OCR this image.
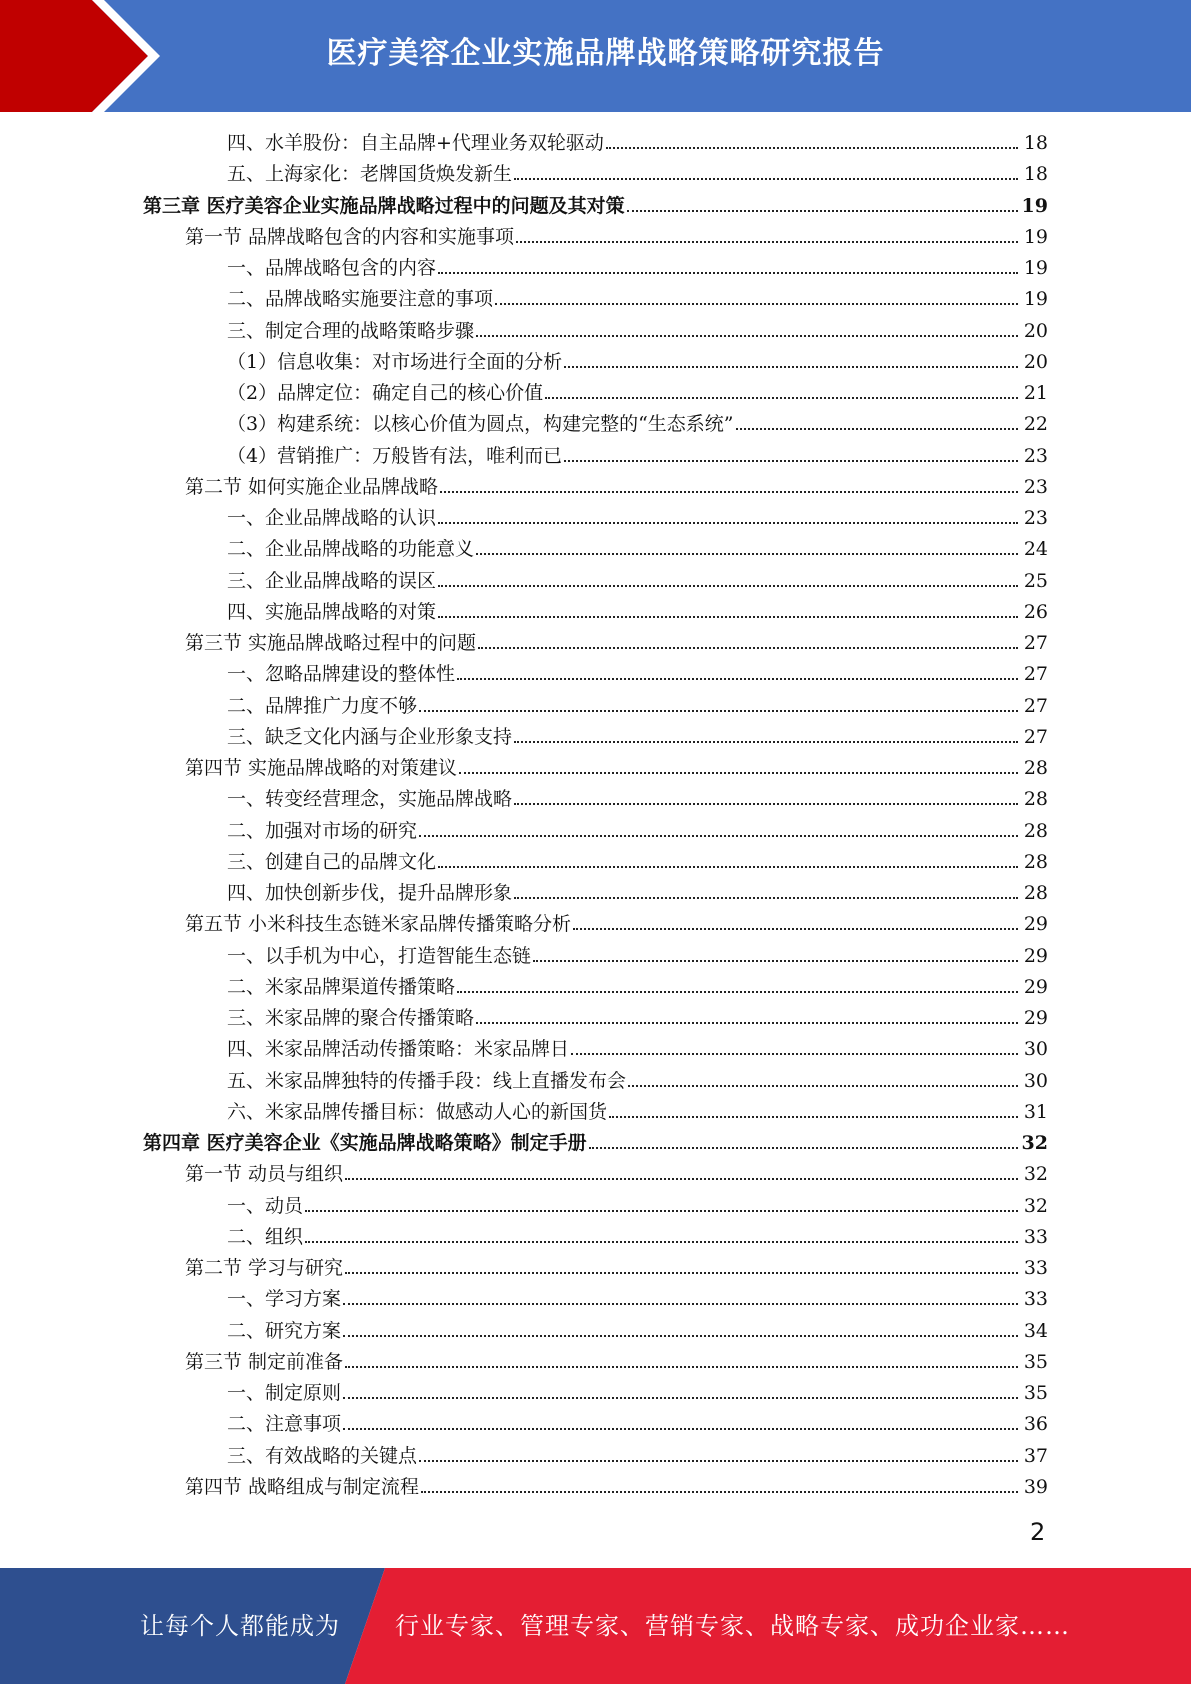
医疗美容企业实施品牌战略策略研究报告
四、水羊股份：自主品牌+代理业务双轮驱动	18
五、上海家化：老牌国货焕发新生	18
第三章 医疗美容企业实施品牌战略过程中的问题及其对策	19
第一节 品牌战略包含的内容和实施事项	19
一、品牌战略包含的内容	19
二、品牌战略实施要注意的事项	19
三、制定合理的战略策略步骤	20
（1）信息收集：对市场进行全面的分析	20
（2）品牌定位：确定自己的核心价值	21
（3）构建系统：以核心价值为圆点，构建完整的“生态系统”	22
（4）营销推广：万般皆有法，唯利而已	23
第二节 如何实施企业品牌战略	23
一、企业品牌战略的认识	23
二、企业品牌战略的功能意义	24
三、企业品牌战略的误区	25
四、实施品牌战略的对策	26
第三节 实施品牌战略过程中的问题	27
一、忽略品牌建设的整体性	27
二、品牌推广力度不够	27
三、缺乏文化内涵与企业形象支持	27
第四节 实施品牌战略的对策建议	28
一、转变经营理念，实施品牌战略	28
二、加强对市场的研究	28
三、创建自己的品牌文化	28
四、加快创新步伐，提升品牌形象	28
第五节 小米科技生态链米家品牌传播策略分析	29
一、以手机为中心，打造智能生态链	29
二、米家品牌渠道传播策略	29
三、米家品牌的聚合传播策略	29
四、米家品牌活动传播策略：米家品牌日	30
五、米家品牌独特的传播手段：线上直播发布会	30
六、米家品牌传播目标：做感动人心的新国货	31
第四章 医疗美容企业《实施品牌战略策略》制定手册	32
第一节 动员与组织	32
一、动员	32
二、组织	33
第二节 学习与研究	33
一、学习方案	33
二、研究方案	34
第三节 制定前准备	35
一、制定原则	35
二、注意事项	36
三、有效战略的关键点	37
第四节 战略组成与制定流程	39
2
让每个人都能成为 行业专家、管理专家、营销专家、战略专家、成功企业家……
